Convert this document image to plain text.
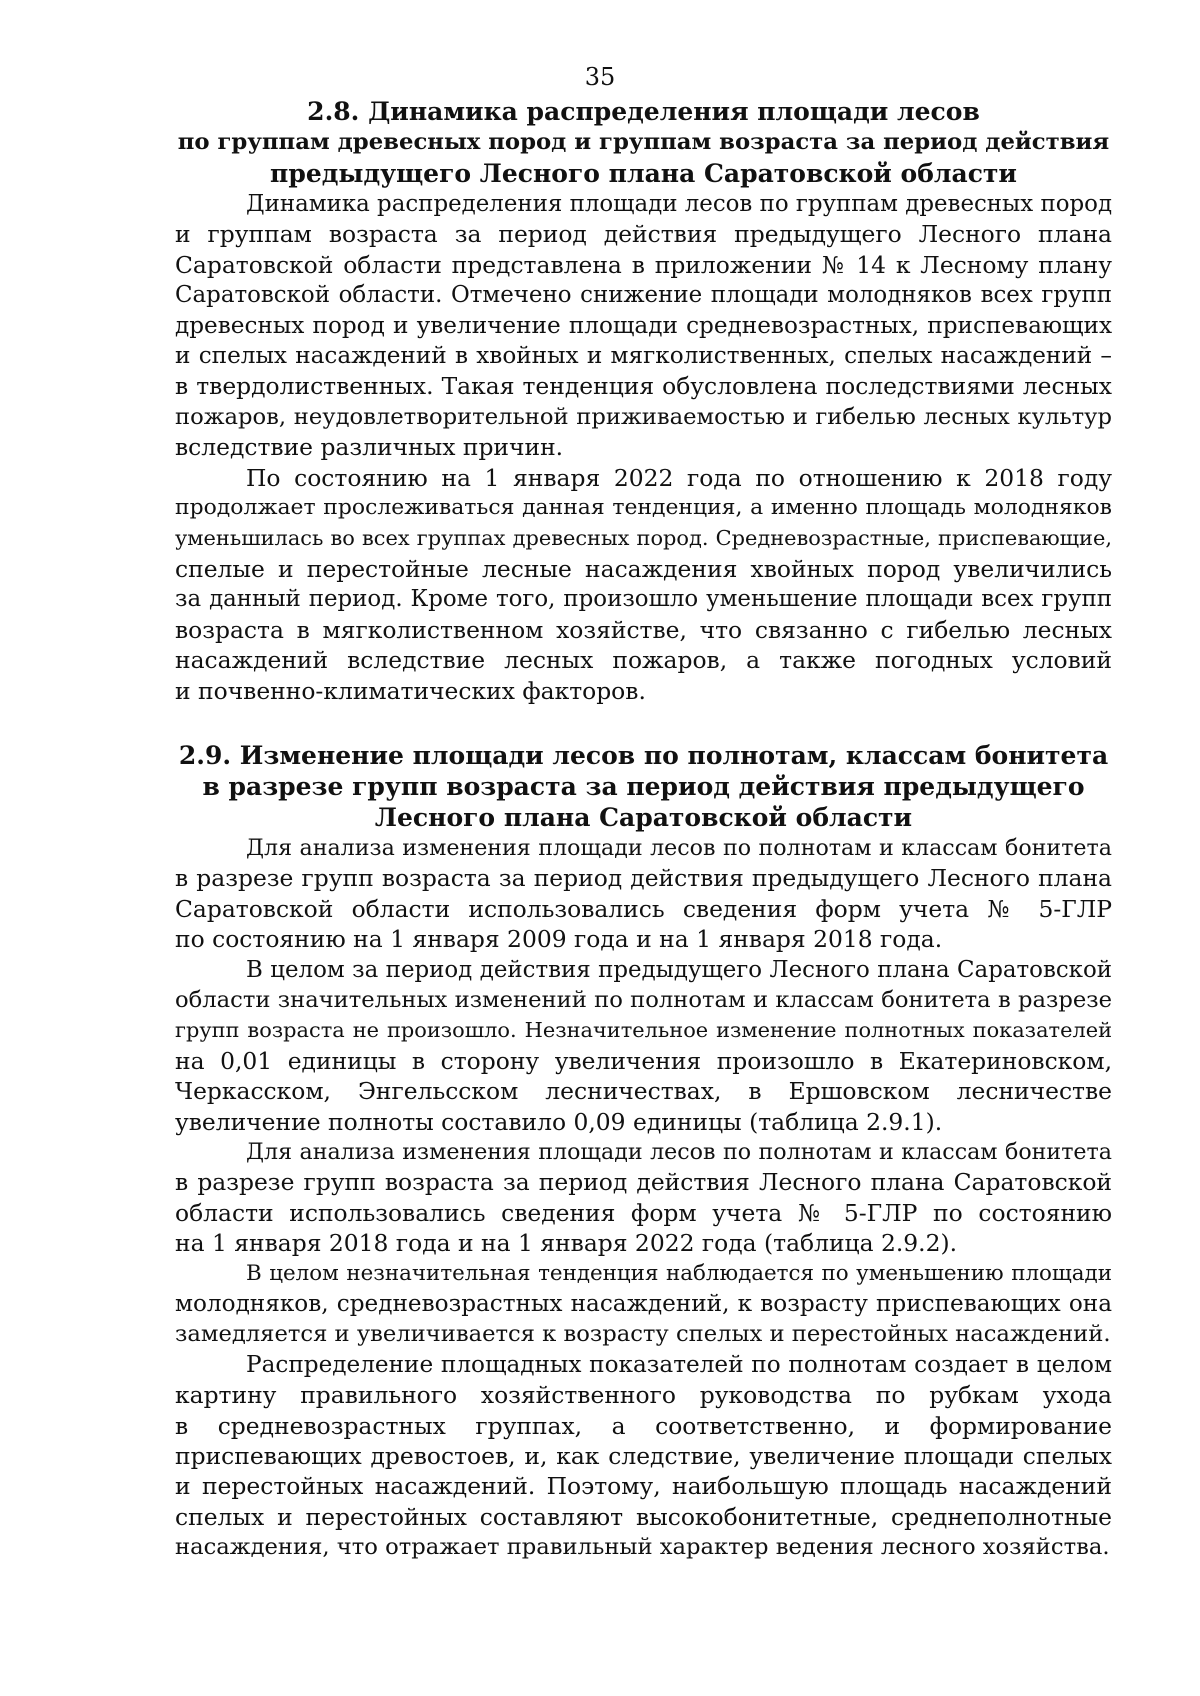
35
2.8. Динамика распределения площади лесов
по группам древесных пород и группам возраста за период действия
предыдущего Лесного плана Саратовской области
Динамика распределения площади лесов по группам древесных пород
и группам возраста за период действия предыдущего Лесного плана
Саратовской области представлена в приложении № 14 к Лесному плану
Саратовской области. Отмечено снижение площади молодняков всех групп
древесных пород и увеличение площади средневозрастных, приспевающих
и спелых насаждений в хвойных и мягколиственных, спелых насаждений –
в твердолиственных. Такая тенденция обусловлена последствиями лесных
пожаров, неудовлетворительной приживаемостью и гибелью лесных культур
вследствие различных причин.
По состоянию на 1 января 2022 года по отношению к 2018 году
продолжает прослеживаться данная тенденция, а именно площадь молодняков
уменьшилась во всех группах древесных пород. Средневозрастные, приспевающие,
спелые и перестойные лесные насаждения хвойных пород увеличились
за данный период. Кроме того, произошло уменьшение площади всех групп
возраста в мягколиственном хозяйстве, что связанно с гибелью лесных
насаждений вследствие лесных пожаров, а также погодных условий
и почвенно-климатических факторов.
2.9. Изменение площади лесов по полнотам, классам бонитета
в разрезе групп возраста за период действия предыдущего
Лесного плана Саратовской области
Для анализа изменения площади лесов по полнотам и классам бонитета
в разрезе групп возраста за период действия предыдущего Лесного плана
Саратовской области использовались сведения форм учета № 5-ГЛР
по состоянию на 1 января 2009 года и на 1 января 2018 года.
В целом за период действия предыдущего Лесного плана Саратовской
области значительных изменений по полнотам и классам бонитета в разрезе
групп возраста не произошло. Незначительное изменение полнотных показателей
на 0,01 единицы в сторону увеличения произошло в Екатериновском,
Черкасском, Энгельсском лесничествах, в Ершовском лесничестве
увеличение полноты составило 0,09 единицы (таблица 2.9.1).
Для анализа изменения площади лесов по полнотам и классам бонитета
в разрезе групп возраста за период действия Лесного плана Саратовской
области использовались сведения форм учета № 5-ГЛР по состоянию
на 1 января 2018 года и на 1 января 2022 года (таблица 2.9.2).
В целом незначительная тенденция наблюдается по уменьшению площади
молодняков, средневозрастных насаждений, к возрасту приспевающих она
замедляется и увеличивается к возрасту спелых и перестойных насаждений.
Распределение площадных показателей по полнотам создает в целом
картину правильного хозяйственного руководства по рубкам ухода
в средневозрастных группах, а соответственно, и формирование
приспевающих древостоев, и, как следствие, увеличение площади спелых
и перестойных насаждений. Поэтому, наибольшую площадь насаждений
спелых и перестойных составляют высокобонитетные, среднеполнотные
насаждения, что отражает правильный характер ведения лесного хозяйства.
